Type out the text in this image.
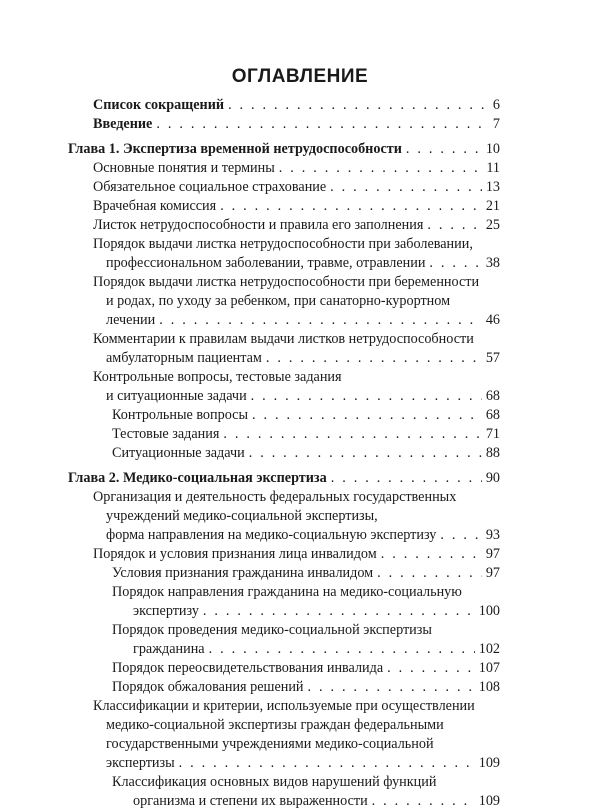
ОГЛАВЛЕНИЕ
Список сокращений . . .	6
Введение . . .	7
Глава 1. Экспертиза временной нетрудоспособности . . .	10
Основные понятия и термины . . .	11
Обязательное социальное страхование . . .	13
Врачебная комиссия . . .	21
Листок нетрудоспособности и правила его заполнения . . .	25
Порядок выдачи листка нетрудоспособности при заболевании,
профессиональном заболевании, травме, отравлении . . .	38
Порядок выдачи листка нетрудоспособности при беременности
и родах, по уходу за ребенком, при санаторно-курортном
лечении . . .	46
Комментарии к правилам выдачи листков нетрудоспособности
амбулаторным пациентам . . .	57
Контрольные вопросы, тестовые задания
и ситуационные задачи . . .	68
Контрольные вопросы . . .	68
Тестовые задания . . .	71
Ситуационные задачи . . .	88
Глава 2. Медико-социальная экспертиза . . .	90
Организация и деятельность федеральных государственных
учреждений медико-социальной экспертизы,
форма направления на медико-социальную экспертизу . . .	93
Порядок и условия признания лица инвалидом . . .	97
Условия признания гражданина инвалидом . . .	97
Порядок направления гражданина на медико-социальную
экспертизу . . .	100
Порядок проведения медико-социальной экспертизы
гражданина . . .	102
Порядок переосвидетельствования инвалида . . .	107
Порядок обжалования решений . . .	108
Классификации и критерии, используемые при осуществлении
медико-социальной экспертизы граждан федеральными
государственными учреждениями медико-социальной
экспертизы . . .	109
Классификация основных видов нарушений функций
организма и степени их выраженности . . .	109
